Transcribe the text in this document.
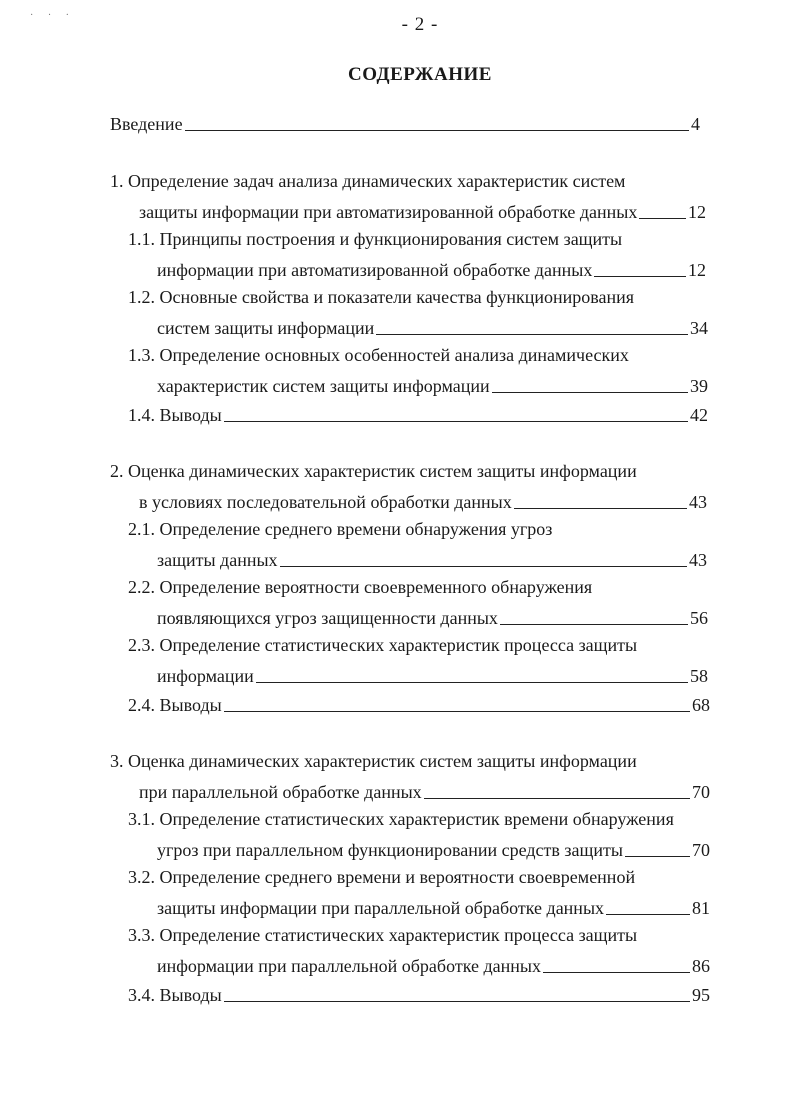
· · ·	- 2 -
СОДЕРЖАНИЕ
Введение	4
1. Определение задач анализа динамических характеристик систем
защиты информации при автоматизированной обработке данных	12
1.1. Принципы построения и функционирования систем защиты
информации при автоматизированной обработке данных	12
1.2. Основные свойства и показатели качества функционирования
систем защиты информации	34
1.3. Определение основных особенностей анализа динамических
характеристик систем защиты информации	39
1.4. Выводы	42
2. Оценка динамических характеристик систем защиты информации
в условиях последовательной обработки данных	43
2.1. Определение среднего времени обнаружения угроз
защиты данных	43
2.2. Определение вероятности своевременного обнаружения
появляющихся угроз защищенности данных	56
2.3. Определение статистических характеристик процесса защиты
информации	58
2.4. Выводы	68
3. Оценка динамических характеристик систем защиты информации
при параллельной обработке данных	70
3.1. Определение статистических характеристик времени обнаружения
угроз при параллельном функционировании средств защиты	70
3.2. Определение среднего времени и вероятности своевременной
защиты информации при параллельной обработке данных	81
3.3. Определение статистических характеристик процесса защиты
информации при параллельной обработке данных	86
3.4. Выводы	95
